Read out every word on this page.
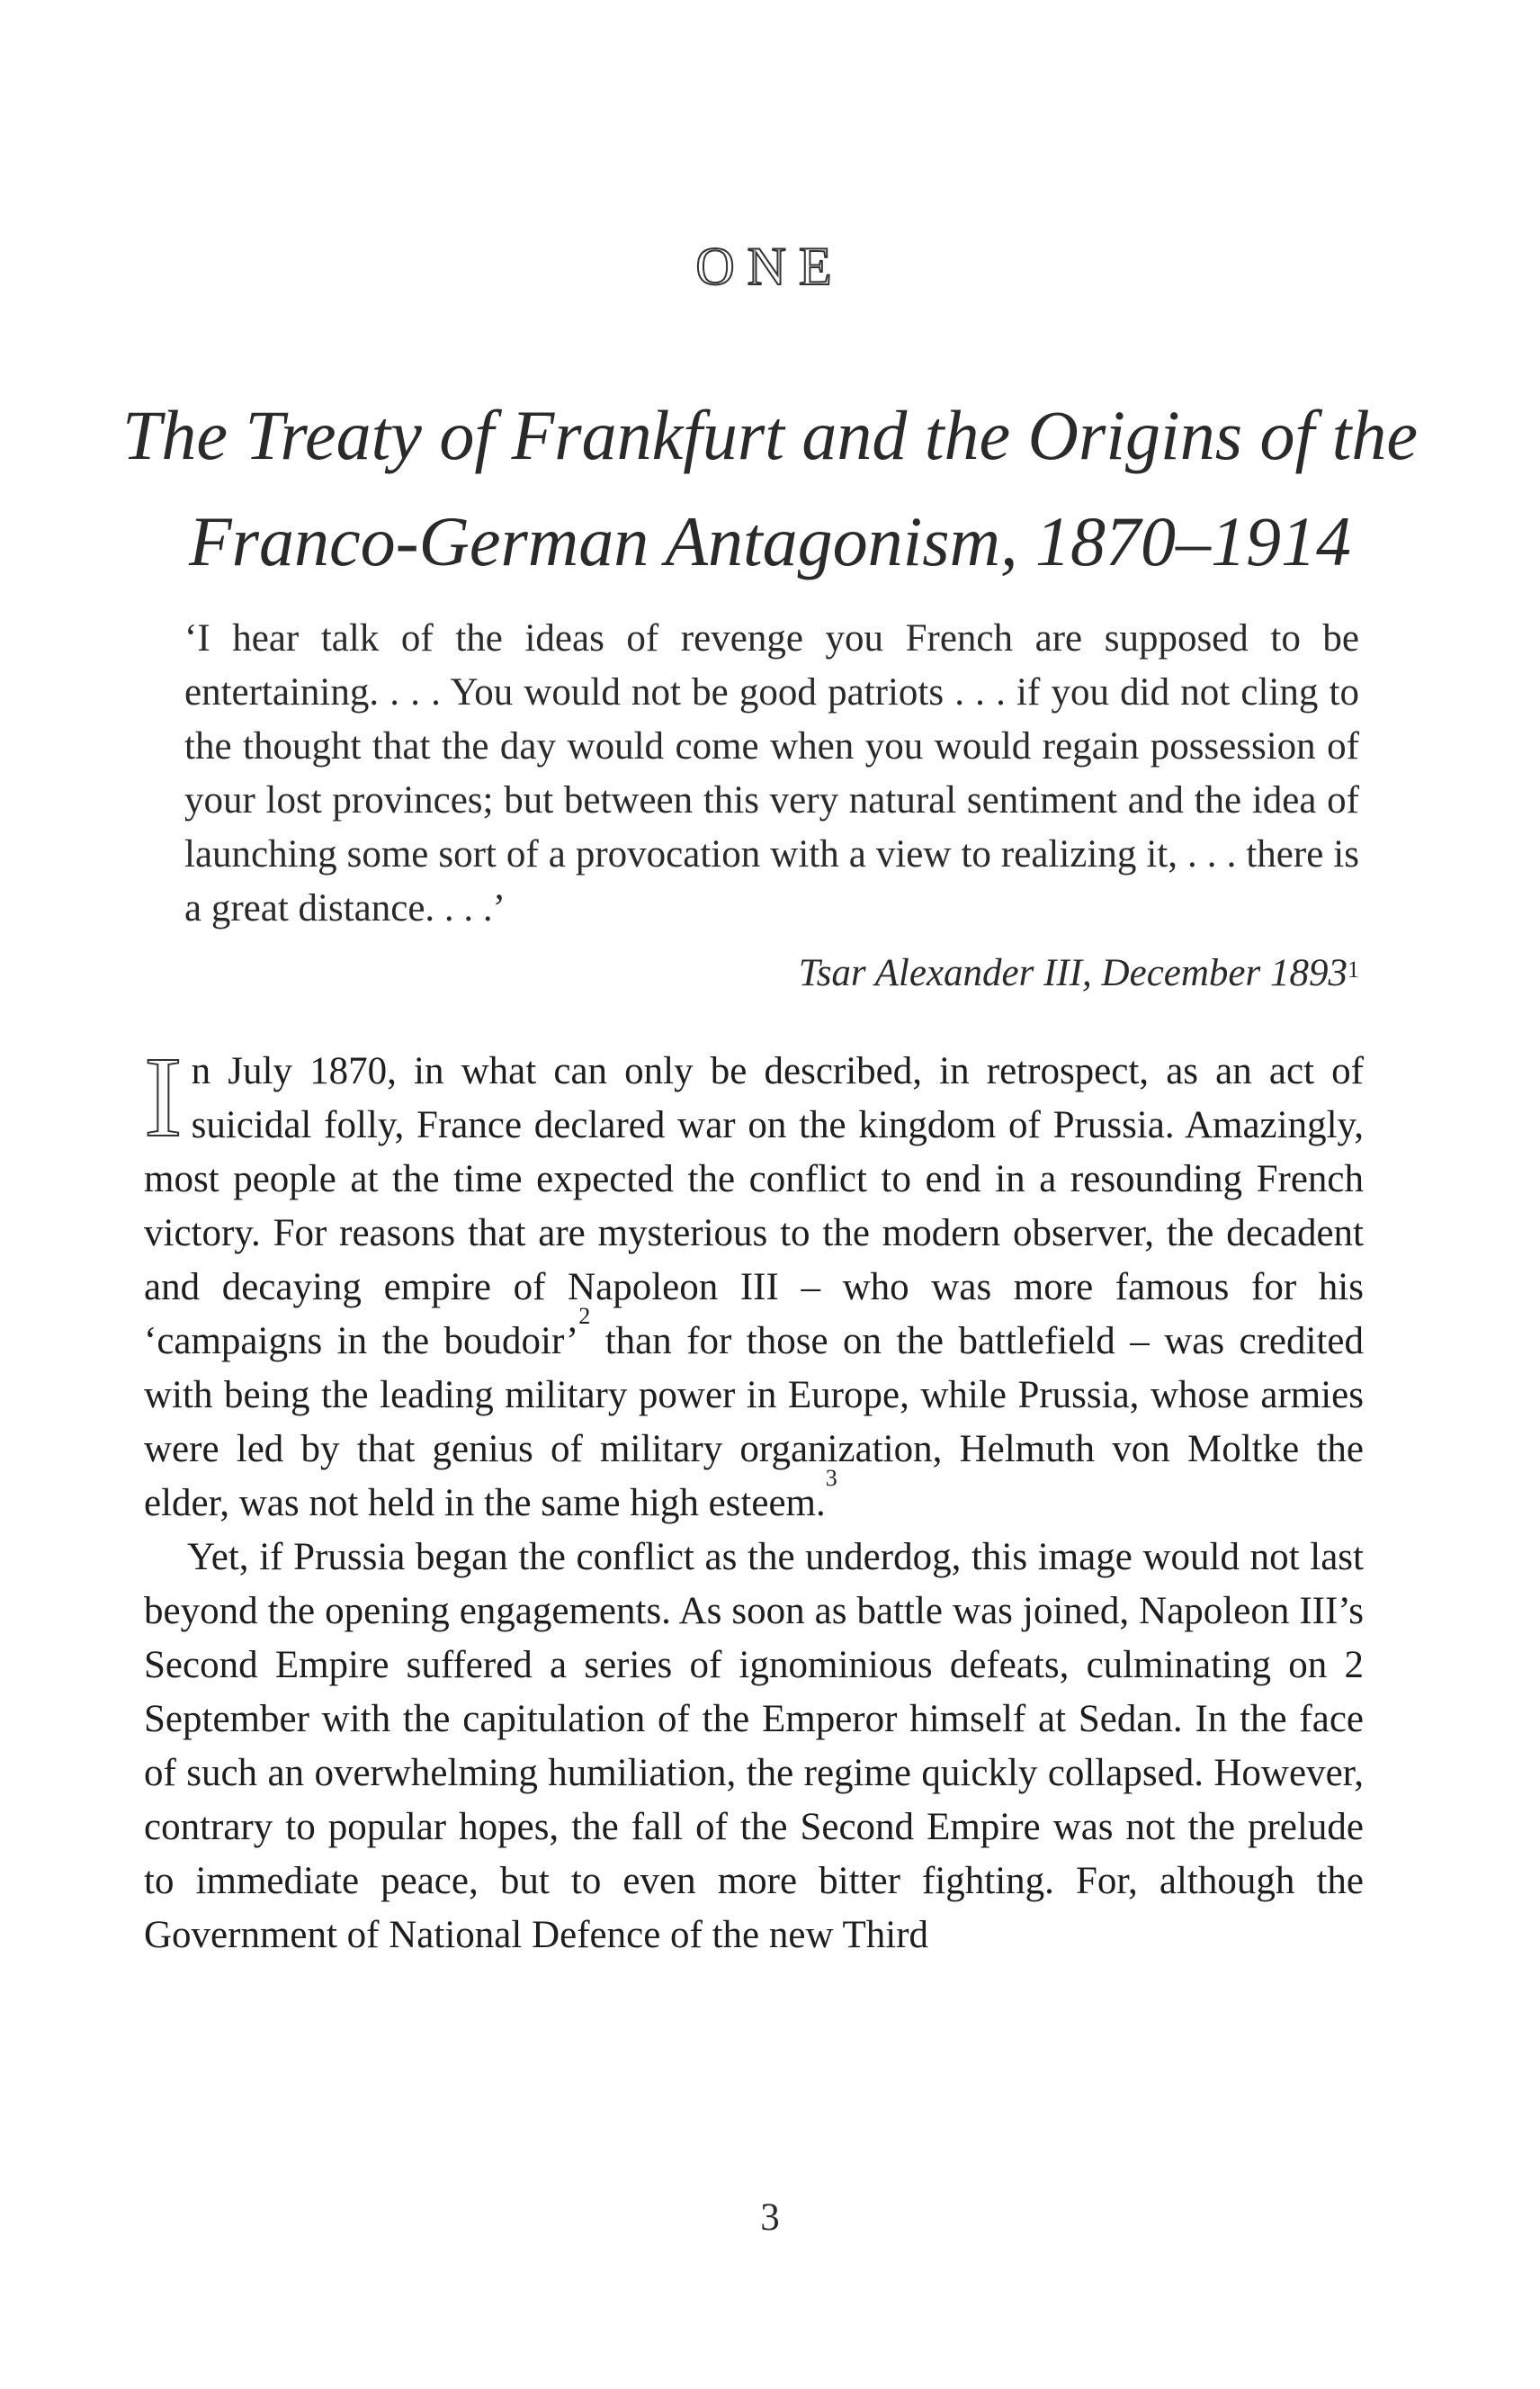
ONE
The Treaty of Frankfurt and the Origins of the
Franco-German Antagonism, 1870–1914

‘I hear talk of the ideas of revenge you French are supposed to be entertaining. . . . You would not be good patriots . . . if you did not cling to the thought that the day would come when you would regain possession of your lost provinces; but between this very natural sentiment and the idea of launching some sort of a provocation with a view to realizing it, . . . there is a great distance. . . .’

Tsar Alexander III, December 1893$^1$

In July 1870, in what can only be described, in retrospect, as an act of suicidal folly, France declared war on the kingdom of Prussia. Amazingly, most people at the time expected the conflict to end in a resounding French victory. For reasons that are mysterious to the modern observer, the decadent and decaying empire of Napoleon III – who was more famous for his ‘campaigns in the boudoir’$^2$ than for those on the battlefield – was credited with being the leading military power in Europe, while Prussia, whose armies were led by that genius of military organization, Helmuth von Moltke the elder, was not held in the same high esteem.$^3$

Yet, if Prussia began the conflict as the underdog, this image would not last beyond the opening engagements. As soon as battle was joined, Napoleon III’s Second Empire suffered a series of ignominious defeats, culminating on 2 September with the capitulation of the Emperor himself at Sedan. In the face of such an overwhelming humiliation, the regime quickly collapsed. However, contrary to popular hopes, the fall of the Second Empire was not the prelude to immediate peace, but to even more bitter fighting. For, although the Government of National Defence of the new Third

3
